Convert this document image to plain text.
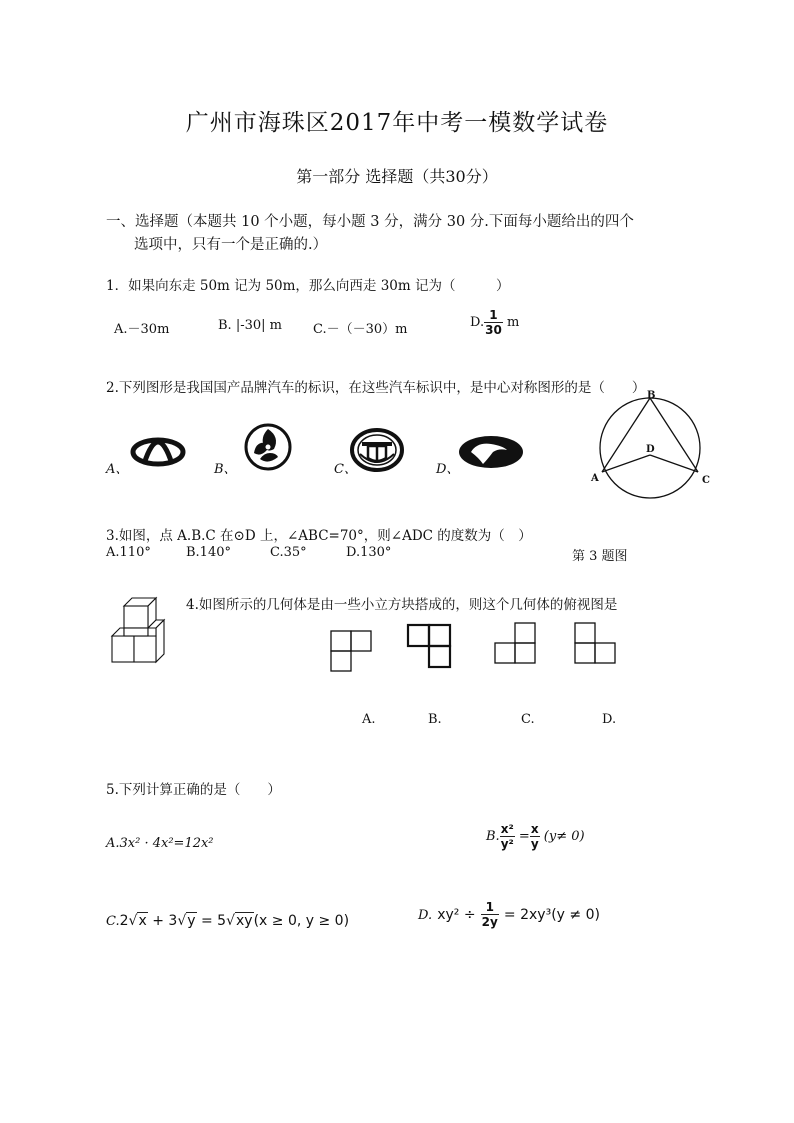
广州市海珠区2017年中考一模数学试卷
第一部分 选择题（共30分）
一、选择题（本题共 10 个小题，每小题 3 分，满分 30 分.下面每小题给出的四个
选项中，只有一个是正确的.）
1．如果向东走 50m 记为 50m，那么向西走 30m 记为（　　　）
A.－30m	B. |-30| m C.－（－30）m	D. $\frac{1}{30}$ m
2.下列图形是我国国产品牌汽车的标识，在这些汽车标识中，是中心对称图形的是（　　）
A、	B、	C、	D、
B
D
A	C
3.如图，点 A.B.C 在⊙D 上，∠ABC=70°，则∠ADC 的度数为（　）
A.110°	B.140°	C.35°	D.130°	第 3 题图
4.如图所示的几何体是由一些小立方块搭成的，则这个几何体的俯视图是
A.	B.	C.	D.
5.下列计算正确的是（　　）
A.3x² · 4x²=12x²	B. $\frac{\text{x²}}{\text{y²}} = \frac{x}{y} (y\ne 0)$
C.2√x + 3√y = 5√xy(x ≥ 0, y ≥ 0)	D. $xy^2 \div \frac{1}{2y} = 2xy^3(y \ne 0)$
